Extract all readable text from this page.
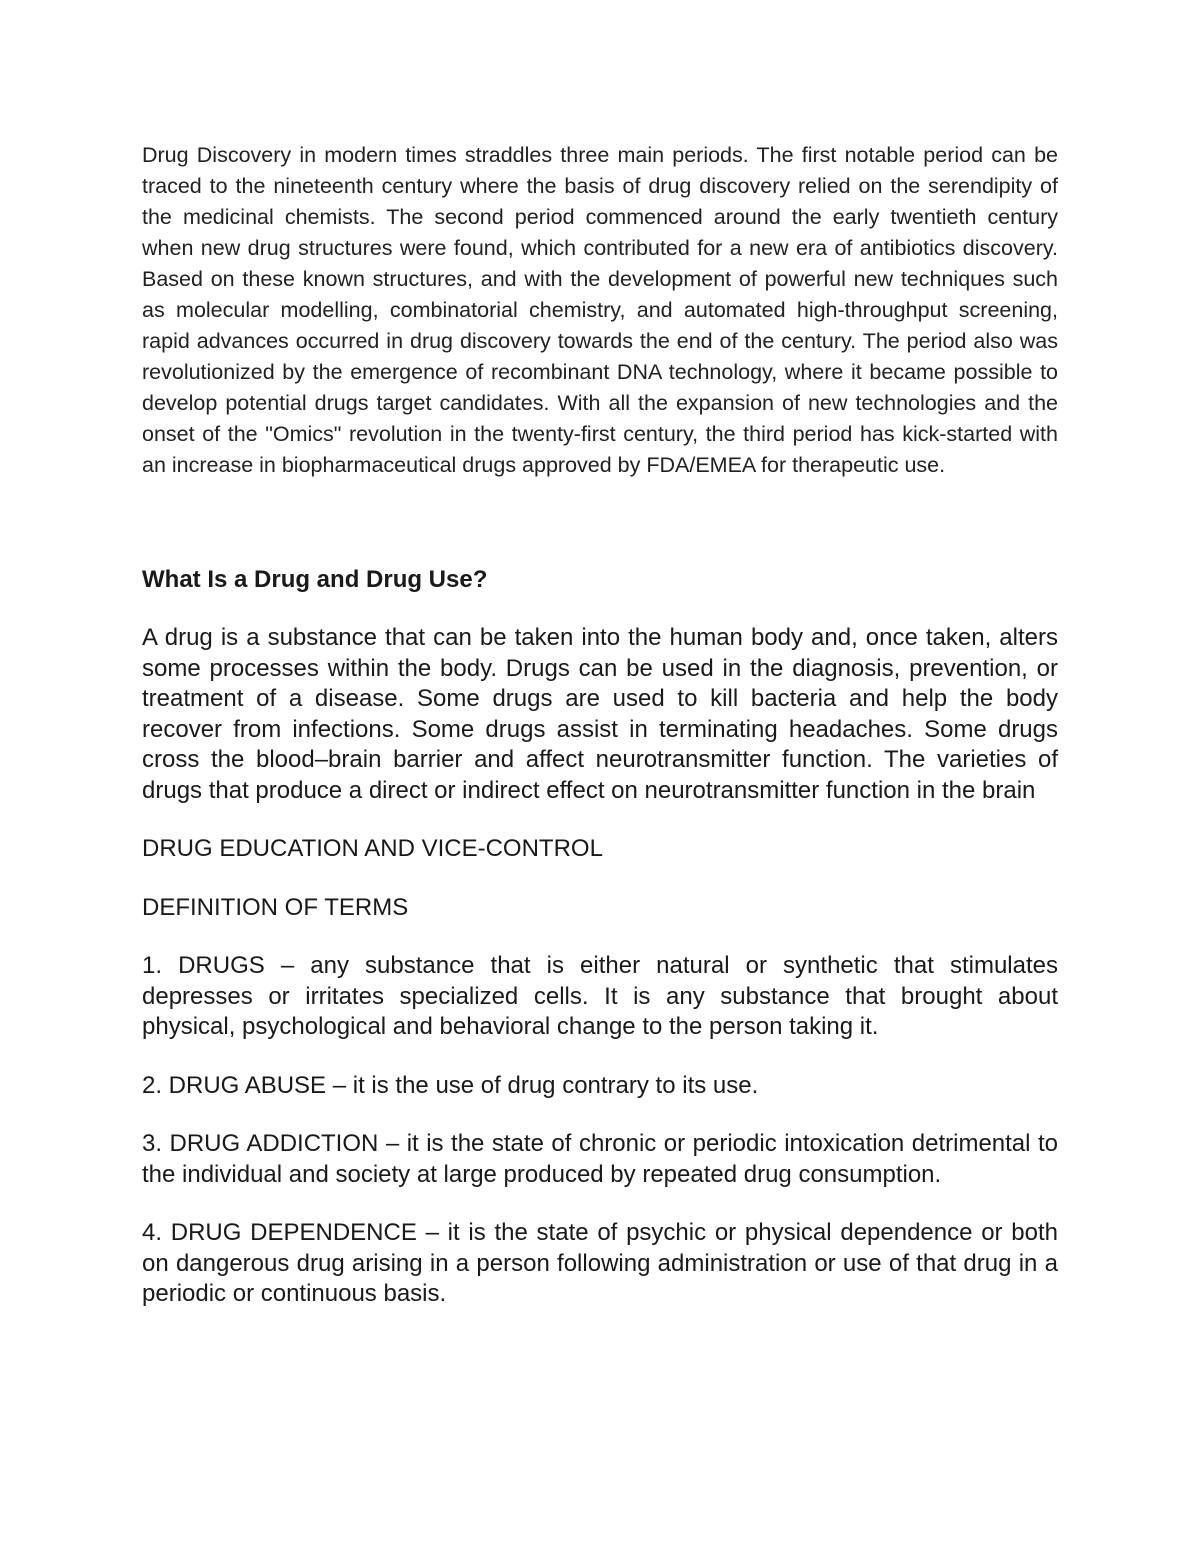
Drug Discovery in modern times straddles three main periods. The first notable period can be traced to the nineteenth century where the basis of drug discovery relied on the serendipity of the medicinal chemists. The second period commenced around the early twentieth century when new drug structures were found, which contributed for a new era of antibiotics discovery. Based on these known structures, and with the development of powerful new techniques such as molecular modelling, combinatorial chemistry, and automated high-throughput screening, rapid advances occurred in drug discovery towards the end of the century. The period also was revolutionized by the emergence of recombinant DNA technology, where it became possible to develop potential drugs target candidates. With all the expansion of new technologies and the onset of the "Omics" revolution in the twenty-first century, the third period has kick-started with an increase in biopharmaceutical drugs approved by FDA/EMEA for therapeutic use.

What Is a Drug and Drug Use?

A drug is a substance that can be taken into the human body and, once taken, alters some processes within the body. Drugs can be used in the diagnosis, prevention, or treatment of a disease. Some drugs are used to kill bacteria and help the body recover from infections. Some drugs assist in terminating headaches. Some drugs cross the blood–brain barrier and affect neurotransmitter function. The varieties of drugs that produce a direct or indirect effect on neurotransmitter function in the brain

DRUG EDUCATION AND VICE-CONTROL

DEFINITION OF TERMS

1. DRUGS – any substance that is either natural or synthetic that stimulates depresses or irritates specialized cells. It is any substance that brought about physical, psychological and behavioral change to the person taking it.

2. DRUG ABUSE – it is the use of drug contrary to its use.

3. DRUG ADDICTION – it is the state of chronic or periodic intoxication detrimental to the individual and society at large produced by repeated drug consumption.

4. DRUG DEPENDENCE – it is the state of psychic or physical dependence or both on dangerous drug arising in a person following administration or use of that drug in a periodic or continuous basis.
